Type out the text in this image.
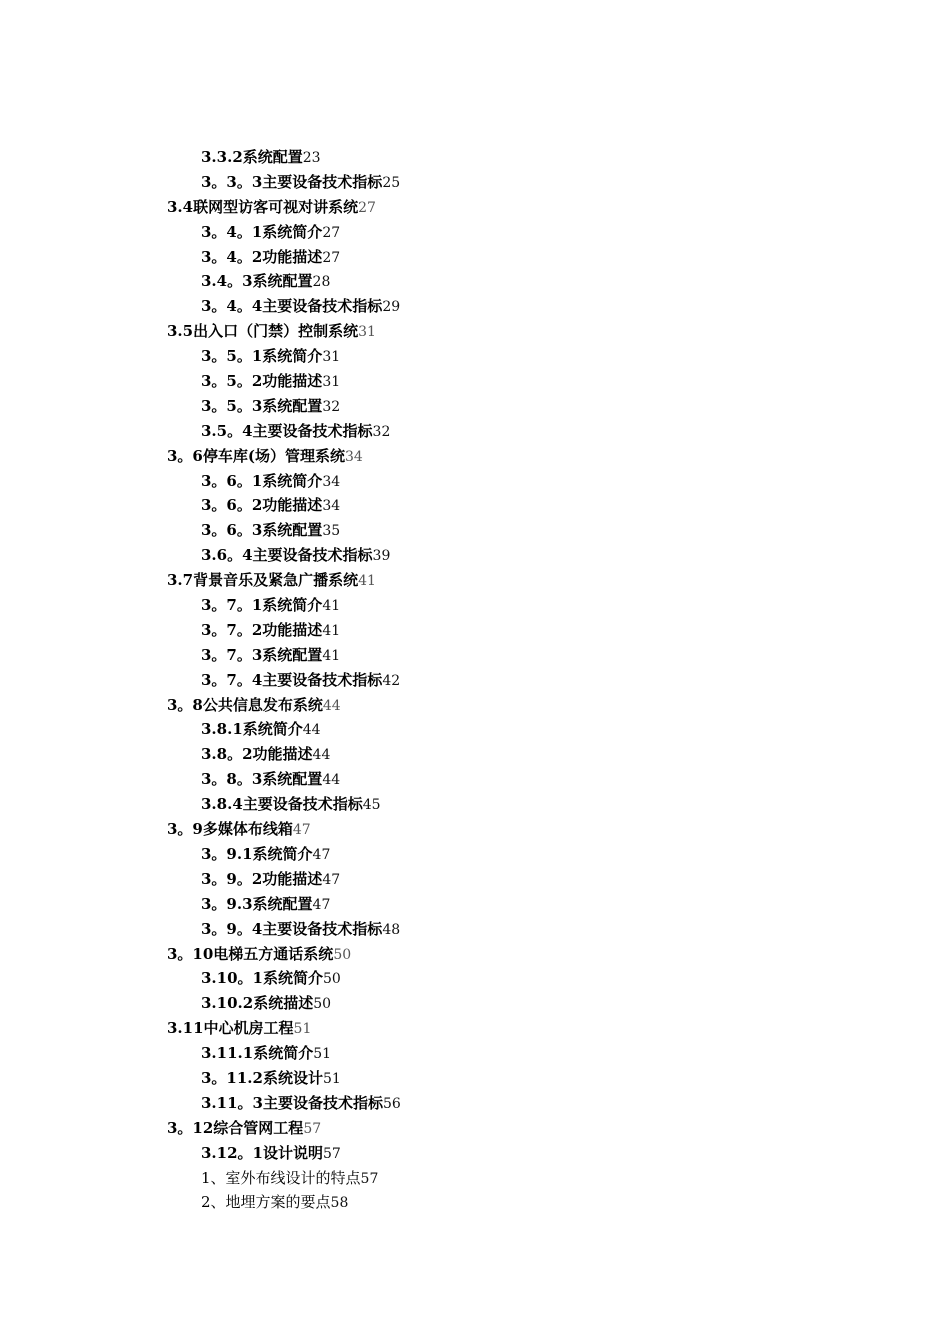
3.3.2系统配置23
3。3。3主要设备技术指标25
3.4联网型访客可视对讲系统27
3。4。1系统简介27
3。4。2功能描述27
3.4。3系统配置28
3。4。4主要设备技术指标29
3.5出入口（门禁）控制系统31
3。5。1系统简介31
3。5。2功能描述31
3。5。3系统配置32
3.5。4主要设备技术指标32
3。6停车库(场）管理系统34
3。6。1系统简介34
3。6。2功能描述34
3。6。3系统配置35
3.6。4主要设备技术指标39
3.7背景音乐及紧急广播系统41
3。7。1系统简介41
3。7。2功能描述41
3。7。3系统配置41
3。7。4主要设备技术指标42
3。8公共信息发布系统44
3.8.1系统简介44
3.8。2功能描述44
3。8。3系统配置44
3.8.4主要设备技术指标45
3。9多媒体布线箱47
3。9.1系统简介47
3。9。2功能描述47
3。9.3系统配置47
3。9。4主要设备技术指标48
3。10电梯五方通话系统50
3.10。1系统简介50
3.10.2系统描述50
3.11中心机房工程51
3.11.1系统简介51
3。11.2系统设计51
3.11。3主要设备技术指标56
3。12综合管网工程57
3.12。1设计说明57
1、室外布线设计的特点57
2、地埋方案的要点58
